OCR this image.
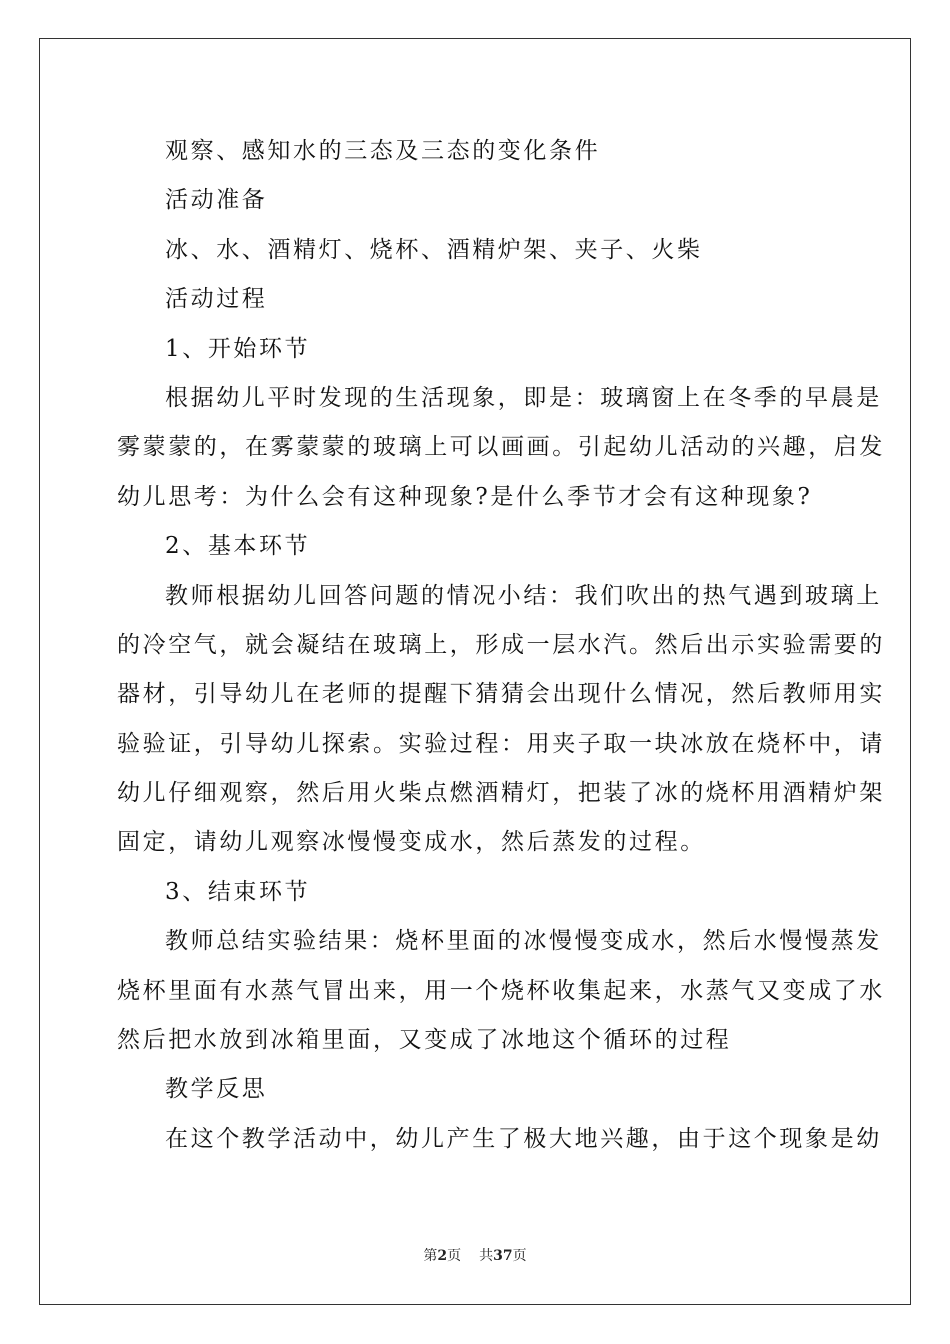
观察、感知水的三态及三态的变化条件
活动准备
冰、水、酒精灯、烧杯、酒精炉架、夹子、火柴
活动过程
1、开始环节
根据幼儿平时发现的生活现象，即是：玻璃窗上在冬季的早晨是
雾蒙蒙的，在雾蒙蒙的玻璃上可以画画。引起幼儿活动的兴趣，启发
幼儿思考：为什么会有这种现象?是什么季节才会有这种现象?
2、基本环节
教师根据幼儿回答问题的情况小结：我们吹出的热气遇到玻璃上
的冷空气，就会凝结在玻璃上，形成一层水汽。然后出示实验需要的
器材，引导幼儿在老师的提醒下猜猜会出现什么情况，然后教师用实
验验证，引导幼儿探索。实验过程：用夹子取一块冰放在烧杯中，请
幼儿仔细观察，然后用火柴点燃酒精灯，把装了冰的烧杯用酒精炉架
固定，请幼儿观察冰慢慢变成水，然后蒸发的过程。
3、结束环节
教师总结实验结果：烧杯里面的冰慢慢变成水，然后水慢慢蒸发
烧杯里面有水蒸气冒出来，用一个烧杯收集起来，水蒸气又变成了水
然后把水放到冰箱里面，又变成了冰地这个循环的过程
教学反思
在这个教学活动中，幼儿产生了极大地兴趣，由于这个现象是幼
第2页 共37页
